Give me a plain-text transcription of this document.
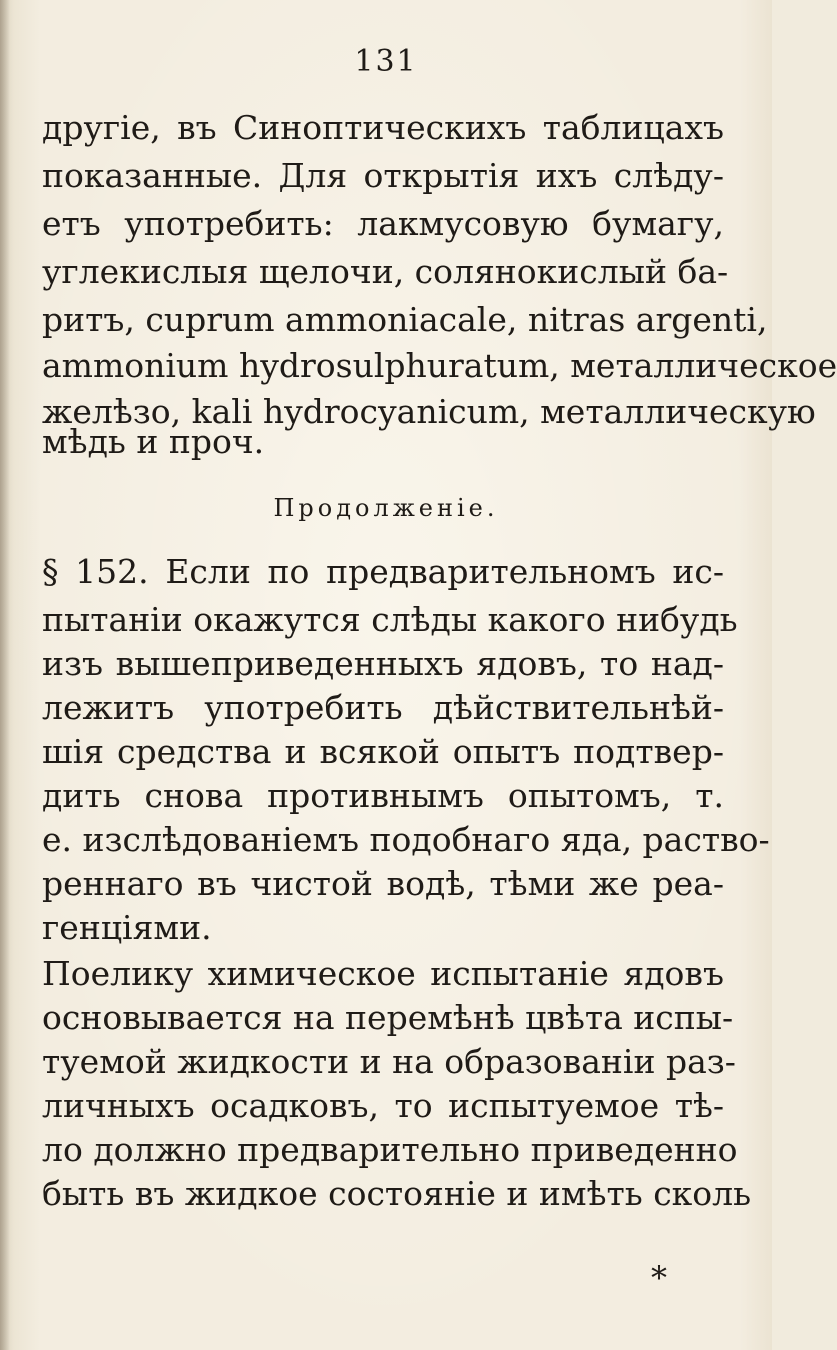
131
другіе, въ Синоптическихъ таблицахъ
показанные. Для открытія ихъ слѣду-
етъ употребить: лакмусовую бумагу,
углекислыя щелочи, солянокислый ба-
ритъ, cuprum ammoniacale, nitras argenti,
ammonium hydrosulphuratum, металлическое
желѣзо, kali hydrocyanicum, металлическую
мѣдь и проч.
Продолженіе.
§ 152. Если по предварительномъ ис-
пытаніи окажутся слѣды какого нибудь
изъ вышеприведенныхъ ядовъ, то над-
лежитъ употребить дѣйствительнѣй-
шія средства и всякой опытъ подтвер-
дить снова противнымъ опытомъ, т.
е. изслѣдованіемъ подобнаго яда, раство-
реннаго въ чистой водѣ, тѣми же реа-
генціями.
Поелику химическое испытаніе ядовъ
основывается на перемѣнѣ цвѣта испы-
туемой жидкости и на образованіи раз-
личныхъ осадковъ, то испытуемое тѣ-
ло должно предварительно приведенно
быть въ жидкое состояніе и имѣть сколь
*
